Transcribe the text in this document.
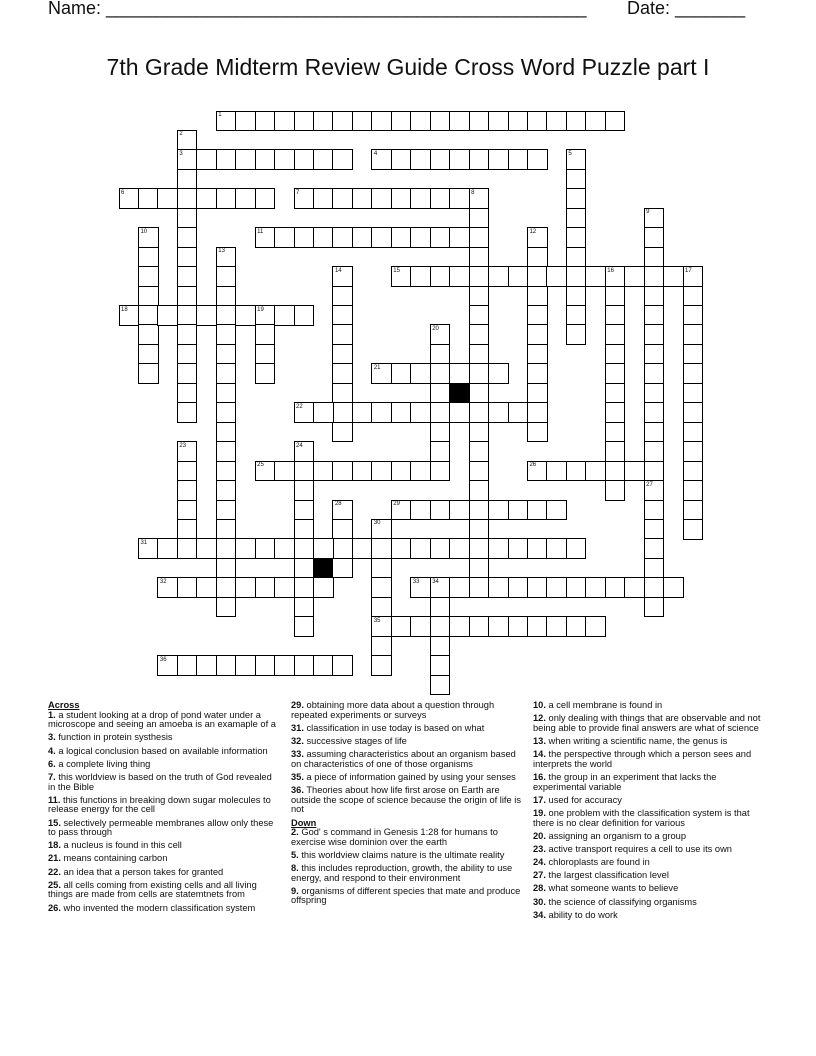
Name: ________________________________________________ Date: _______
7th Grade Midterm Review Guide Cross Word Puzzle part I
1
2
3	4	5
6	7	8
9
10	11	12
13
14	15	16	17
18	19
20
21
22
23	24
25	26
27
28	29
30
31
32	33 34
35
36
Across
1. a student looking at a drop of pond water under a microscope and seeing an amoeba is an examaple of a
3. function in protein systhesis
4. a logical conclusion based on available information
6. a complete living thing
7. this worldview is based on the truth of God revealed in the Bible
11. this functions in breaking down sugar molecules to release energy for the cell
15. selectively permeable membranes allow only these to pass through
18. a nucleus is found in this cell
21. means containing carbon
22. an idea that a person takes for granted
25. all cells coming from existing cells and all living things are made from cells are statemtnets from
26. who invented the modern classification system
29. obtaining more data about a question through repeated experiments or surveys
31. classification in use today is based on what
32. successive stages of life
33. assuming characteristics about an organism based on characteristics of one of those organisms
35. a piece of information gained by using your senses
36. Theories about how life first arose on Earth are outside the scope of science because the origin of life is not
Down
2. God' s command in Genesis 1:28 for humans to exercise wise dominion over the earth
5. this worldview claims nature is the ultimate reality
8. this includes reproduction, growth, the ability to use energy, and respond to their environment
9. organisms of different species that mate and produce offspring
10. a cell membrane is found in
12. only dealing with things that are observable and not being able to provide final answers are what of science
13. when writing a scientific name, the genus is
14. the perspective through which a person sees and interprets the world
16. the group in an experiment that lacks the experimental variable
17. used for accuracy
19. one problem with the classification system is that there is no clear definition for various
20. assigning an organism to a group
23. active transport requires a cell to use its own
24. chloroplasts are found in
27. the largest classification level
28. what someone wants to believe
30. the science of classifying organisms
34. ability to do work
